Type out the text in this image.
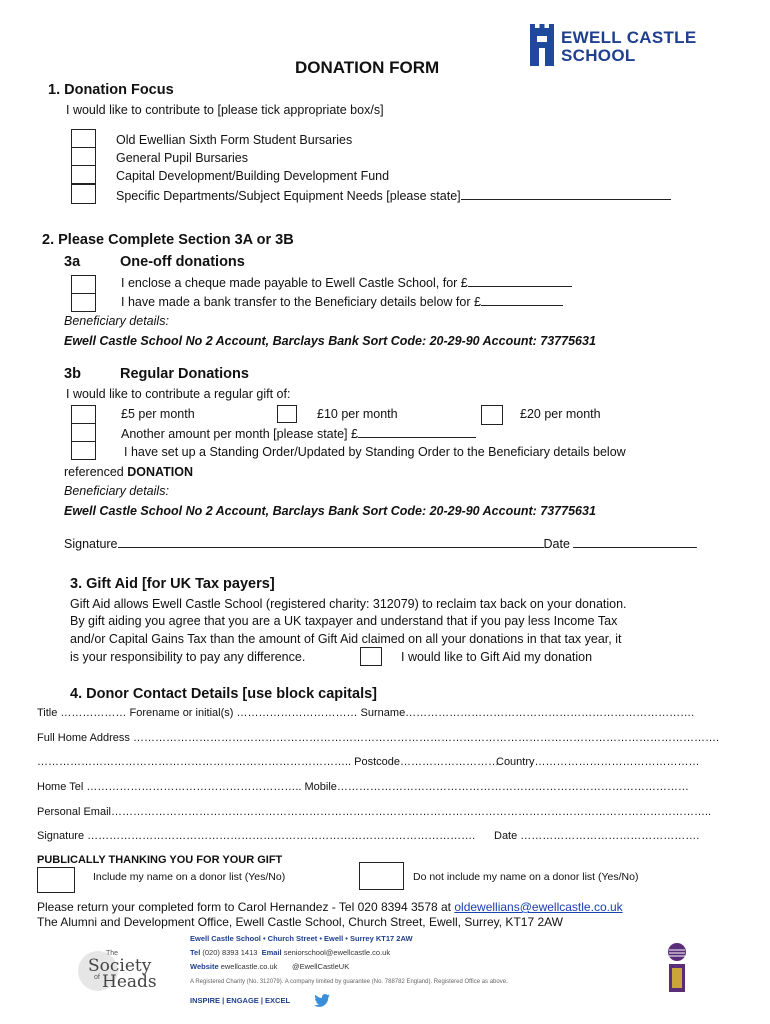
EWELL CASTLE
SCHOOL
DONATION FORM
1. Donation Focus
I would like to contribute to [please tick appropriate box/s]
Old Ewellian Sixth Form Student Bursaries
General Pupil Bursaries
Capital Development/Building Development Fund
Specific Departments/Subject Equipment Needs [please state]
2. Please Complete Section 3A or 3B
3a	One-off donations
I enclose a cheque made payable to Ewell Castle School, for £
I have made a bank transfer to the Beneficiary details below for £
Beneficiary details:
Ewell Castle School No 2 Account, Barclays Bank Sort Code: 20-29-90 Account: 73775631
3b	Regular Donations
I would like to contribute a regular gift of:
£5 per month	£10 per month	£20 per month
Another amount per month [please state] £
I have set up a Standing Order/Updated by Standing Order to the Beneficiary details below
referenced DONATION
Beneficiary details:
Ewell Castle School No 2 Account, Barclays Bank Sort Code: 20-29-90 Account: 73775631
Signature	Date
3. Gift Aid [for UK Tax payers]
Gift Aid allows Ewell Castle School (registered charity: 312079) to reclaim tax back on your donation.
By gift aiding you agree that you are a UK taxpayer and understand that if you pay less Income Tax
and/or Capital Gains Tax than the amount of Gift Aid claimed on all your donations in that tax year, it
is your responsibility to pay any difference.	I would like to Gift Aid my donation
4. Donor Contact Details [use block capitals]
Title ……………… Forename or initial(s) …………………………… Surname…………………………………………………………………….
Full Home Address …………………………………………………………………………………………………………………………………………….
………………………………………………………………………….. Postcode………………………
Country………………………………………
Home Tel ………………………………………………….. Mobile……………………………………………………………………………………
Personal Email………………………………………………………………………………………………………………………………………………..
Signature ……………………………………………………………………………………………. Date ………………………………………….
PUBLICALLY THANKING YOU FOR YOUR GIFT
Include my name on a donor list (Yes/No)	Do not include my name on a donor list (Yes/No)
Please return your completed form to Carol Hernandez - Tel 020 8394 3578 at oldewellians@ewellcastle.co.uk
The Alumni and Development Office, Ewell Castle School, Church Street, Ewell, Surrey, KT17 2AW
The
Society
of Heads
Ewell Castle School • Church Street • Ewell • Surrey KT17 2AW
Tel (020) 8393 1413 Email seniorschool@ewellcastle.co.uk
Website ewellcastle.co.uk @EwellCastleUK
A Registered Charity (No. 312079). A company limited by guarantee (No. 788782 England). Registered Office as above.
INSPIRE | ENGAGE | EXCEL
